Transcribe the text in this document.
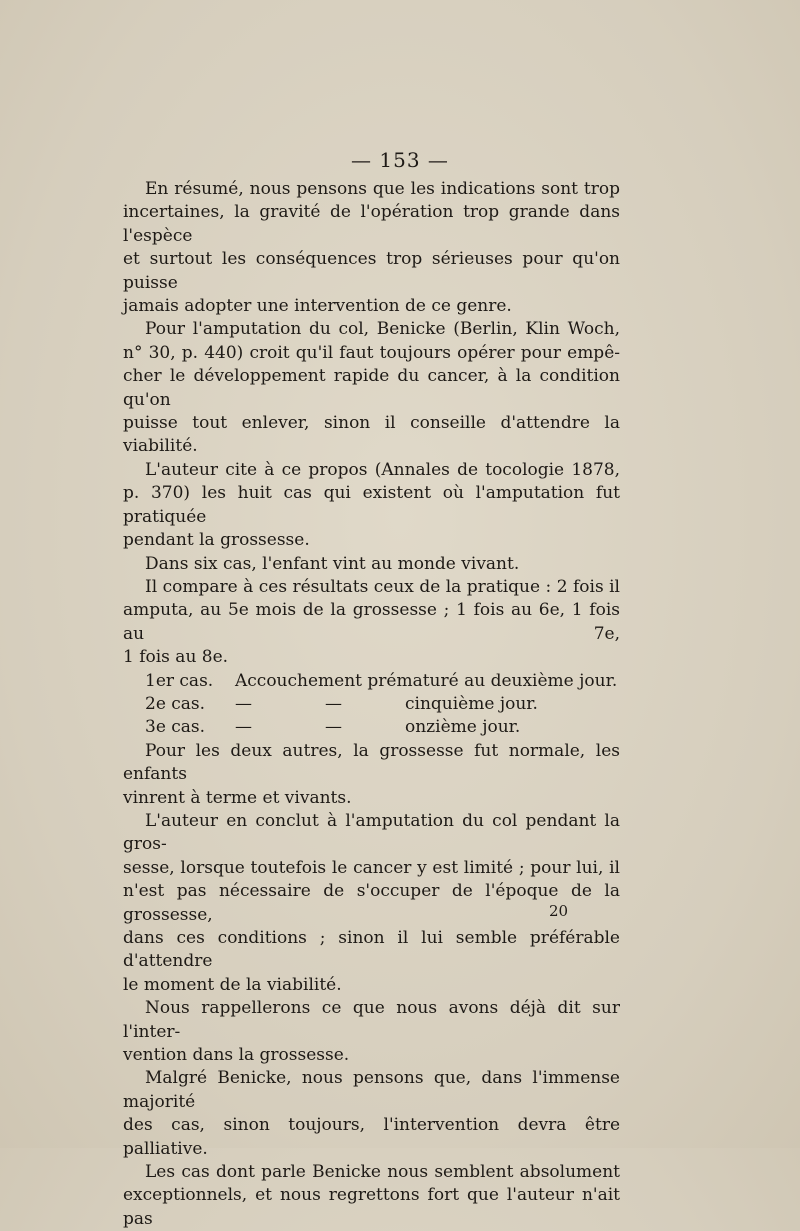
— 153 —

En résumé, nous pensons que les indications sont trop

incertaines, la gravité de l'opération trop grande dans l'espèce

et surtout les conséquences trop sérieuses pour qu'on puisse

jamais adopter une intervention de ce genre.

Pour l'amputation du col, Benicke (Berlin, Klin Woch,

n° 30, p. 440) croit qu'il faut toujours opérer pour empê-

cher le développement rapide du cancer, à la condition qu'on

puisse tout enlever, sinon il conseille d'attendre la viabilité.

L'auteur cite à ce propos (Annales de tocologie 1878,

p. 370) les huit cas qui existent où l'amputation fut pratiquée

pendant la grossesse.

Dans six cas, l'enfant vint au monde vivant.

Il compare à ces résultats ceux de la pratique : 2 fois il

amputa, au 5e mois de la grossesse ; 1 fois au 6e, 1 fois au 7e,

1 fois au 8e.

1er cas.	Accouchement prématuré au deuxième jour.
2e cas.	—	—	cinquième jour.
3e cas.	—	—	onzième jour.

Pour les deux autres, la grossesse fut normale, les enfants

vinrent à terme et vivants.

L'auteur en conclut à l'amputation du col pendant la gros-

sesse, lorsque toutefois le cancer y est limité ; pour lui, il

n'est pas nécessaire de s'occuper de l'époque de la grossesse,

dans ces conditions ; sinon il lui semble préférable d'attendre

le moment de la viabilité.

Nous rappellerons ce que nous avons déjà dit sur l'inter-

vention dans la grossesse.

Malgré Benicke, nous pensons que, dans l'immense majorité

des cas, sinon toujours, l'intervention devra être palliative.

Les cas dont parle Benicke nous semblent absolument

exceptionnels, et nous regrettons fort que l'auteur n'ait pas

20
